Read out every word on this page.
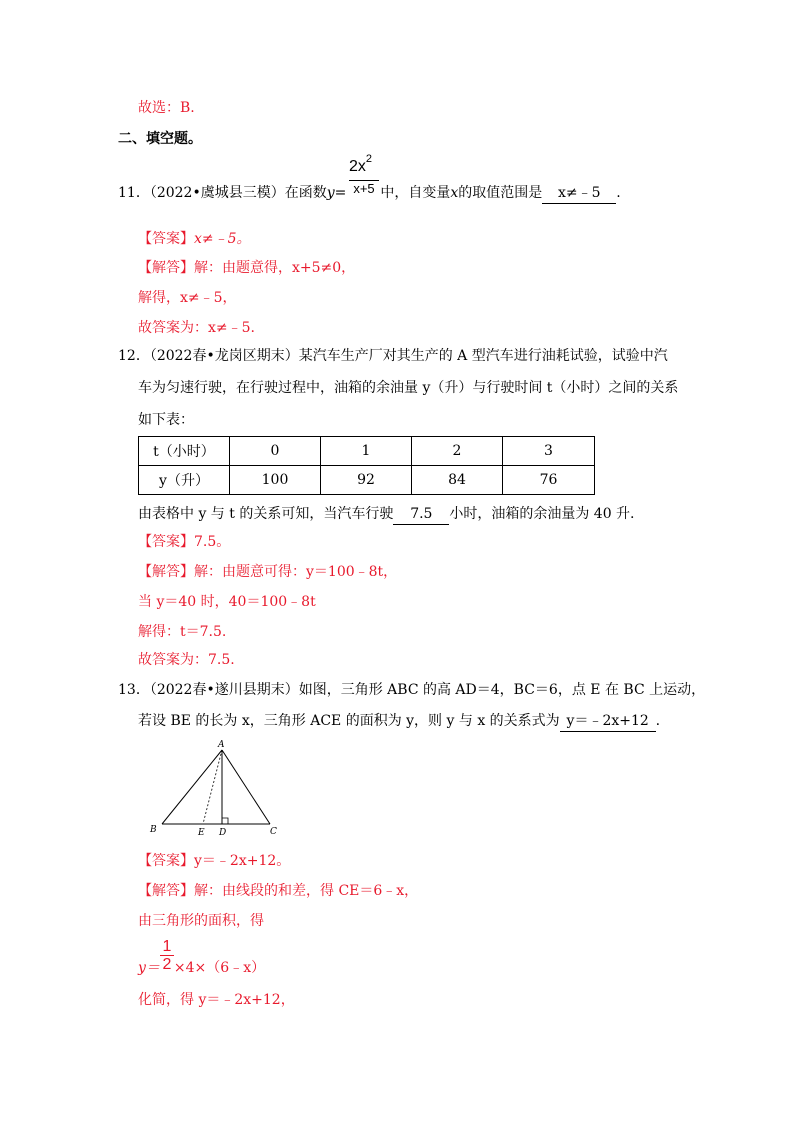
故选：B.
二、填空题。
2x 2
x+5
11．（2022•虞城县三模）在函数y= 中，自变量x的取值范围是 x≠﹣5 .
【答案】x≠﹣5。
【解答】解：由题意得，x+5≠0，
解得，x≠﹣5，
故答案为：x≠﹣5.
12．（2022春•龙岗区期末）某汽车生产厂对其生产的 A 型汽车进行油耗试验，试验中汽
车为匀速行驶，在行驶过程中，油箱的余油量 y（升）与行驶时间 t（小时）之间的关系
如下表：
t（小时）	0	1	2	3
y（升）	100	92	84	76
由表格中 y 与 t 的关系可知，当汽车行驶 7.5 小时，油箱的余油量为 40 升.
【答案】7.5。
【解答】解：由题意可得：y＝100﹣8t，
当 y＝40 时，40＝100﹣8t
解得：t＝7.5.
故答案为：7.5.
13．（2022春•遂川县期末）如图，三角形 ABC 的高 AD＝4，BC＝6，点 E 在 BC 上运动，
若设 BE 的长为 x，三角形 ACE 的面积为 y，则 y 与 x 的关系式为 y＝﹣2x+12 .
A
B	C
D
E
【答案】y＝﹣2x+12。
【解答】解：由线段的和差，得 CE＝6﹣x，
由三角形的面积，得
$\frac{1}{2}$
y＝ ×4×（6﹣x）
化简，得 y＝﹣2x+12，
